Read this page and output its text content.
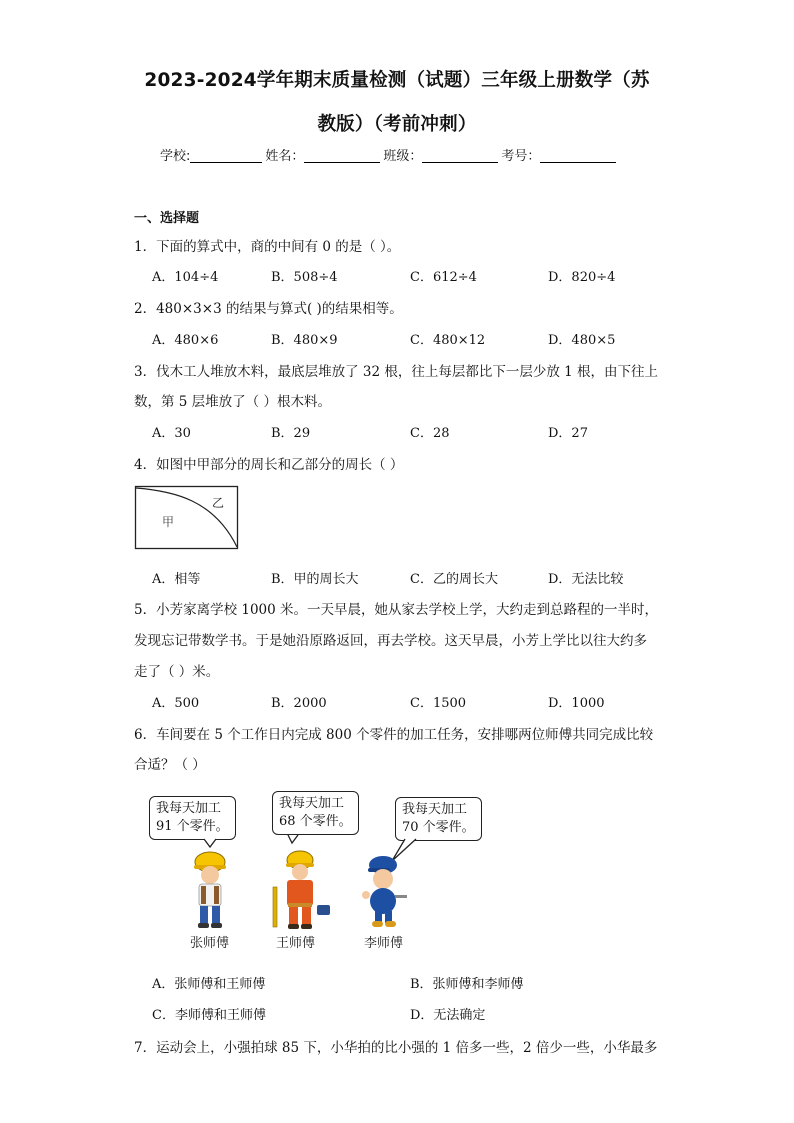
2023-2024学年期末质量检测（试题）三年级上册数学（苏
教版）（考前冲刺）
学校:	姓名：	班级：	考号：
一、选择题
1．下面的算式中，商的中间有 0 的是（ ）。
A．104÷4	B．508÷4	C．612÷4	D．820÷4
2．480×3×3 的结果与算式( )的结果相等。
A．480×6	B．480×9	C．480×12	D．480×5
3．伐木工人堆放木料，最底层堆放了 32 根，往上每层都比下一层少放 1 根，由下往上
数，第 5 层堆放了（ ）根木料。
A．30	B．29	C．28	D．27
4．如图中甲部分的周长和乙部分的周长（ ）
甲
乙
A．相等	B．甲的周长大	C．乙的周长大	D．无法比较
5．小芳家离学校 1000 米。一天早晨，她从家去学校上学，大约走到总路程的一半时，
发现忘记带数学书。于是她沿原路返回，再去学校。这天早晨，小芳上学比以往大约多
走了（ ）米。
A．500	B．2000	C．1500	D．1000
6．车间要在 5 个工作日内完成 800 个零件的加工任务，安排哪两位师傅共同完成比较
合适？（ ）
我每天加工
91 个零件。
我每天加工
68 个零件。
我每天加工
70 个零件。
张师傅	王师傅	李师傅
A．张师傅和王师傅	B．张师傅和李师傅
C．李师傅和王师傅	D．无法确定
7．运动会上，小强拍球 85 下，小华拍的比小强的 1 倍多一些，2 倍少一些，小华最多
